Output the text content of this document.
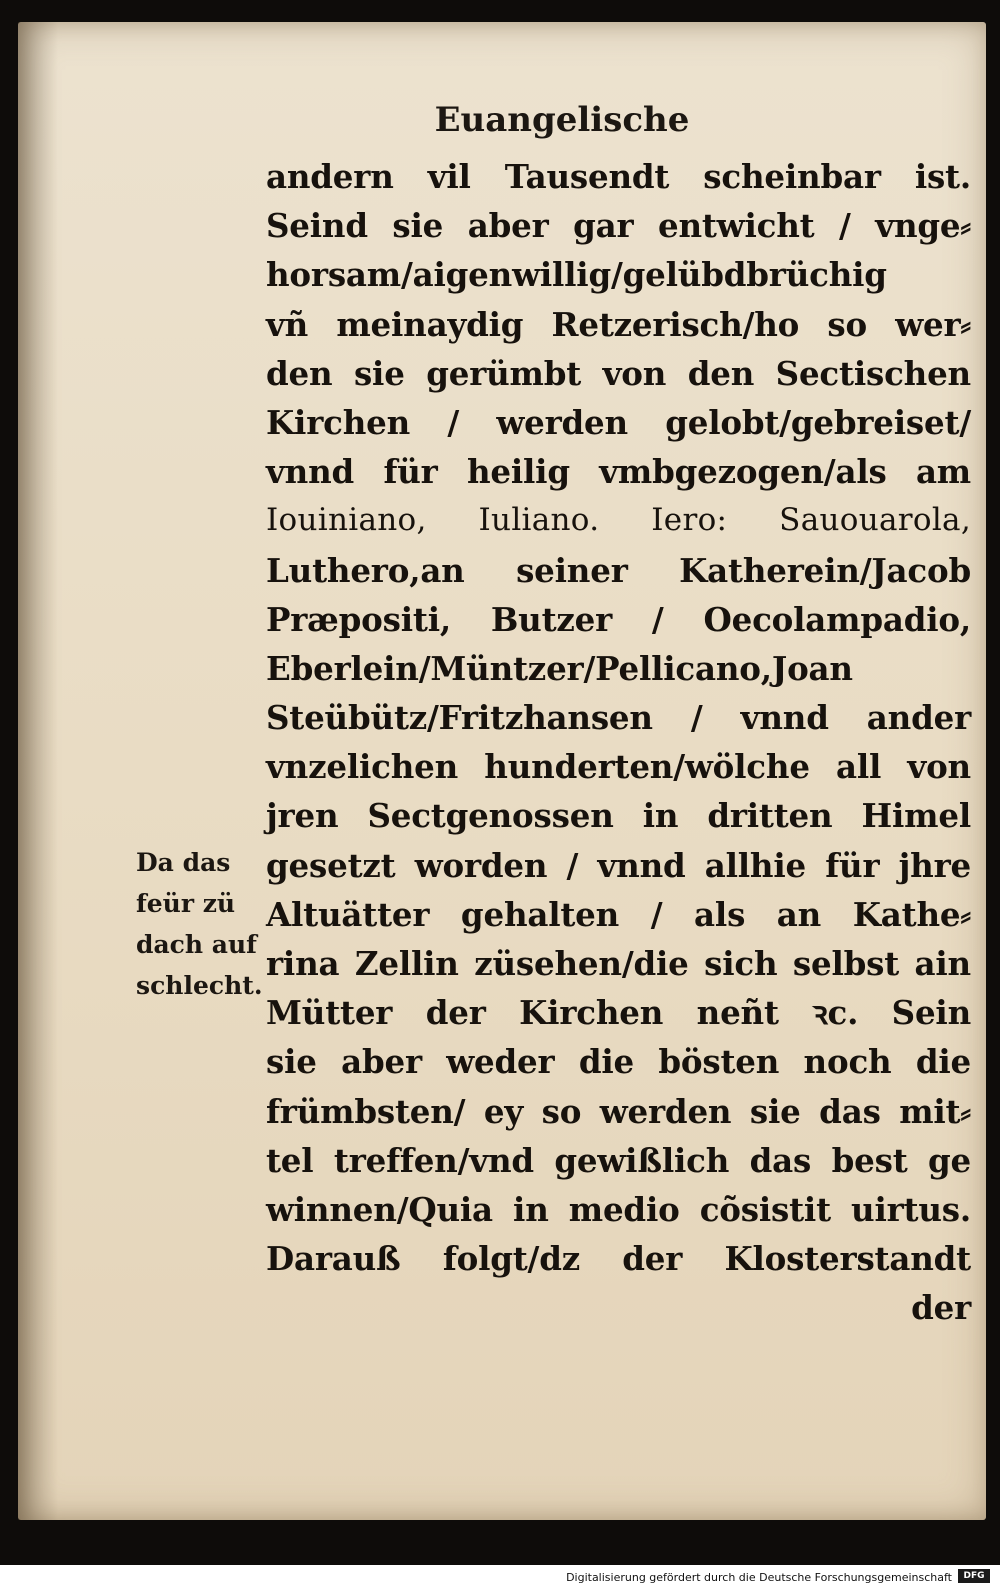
Euangelische
andern vil Tausendt scheinbar ist.
Seind sie aber gar entwicht / vnge⸗
horsam/aigenwillig/gelübdbrüchig
vñ meinaydig Retzerisch/ho so wer⸗
den sie gerümbt von den Sectischen
Kirchen / werden gelobt/gebreiset/
vnnd für heilig vmbgezogen/als am
Iouiniano, Iuliano. Iero: Sauouarola,
Luthero,an seiner Katherein/Jacob
Præpositi, Butzer / Oecolampadio,
Eberlein/Müntzer/Pellicano,Joan
Steübütz/Fritzhansen / vnnd ander
vnzelichen hunderten/wölche all von
jren Sectgenossen in dritten Himel
gesetzt worden / vnnd allhie für jhre
Altuätter gehalten / als an Kathe⸗
rina Zellin züsehen/die sich selbst ain
Mütter der Kirchen neñt ꝛc. Sein
sie aber weder die bösten noch die
frümbsten/ ey so werden sie das mit⸗
tel treffen/vnd gewißlich das best ge
winnen/Quia in medio cõsistit uirtus.
Darauß folgt/dz der Klosterstandt
der
Da das
feür zü
dach auf
schlecht.
Digitalisierung gefördert durch die Deutsche Forschungsgemeinschaft	DFG
